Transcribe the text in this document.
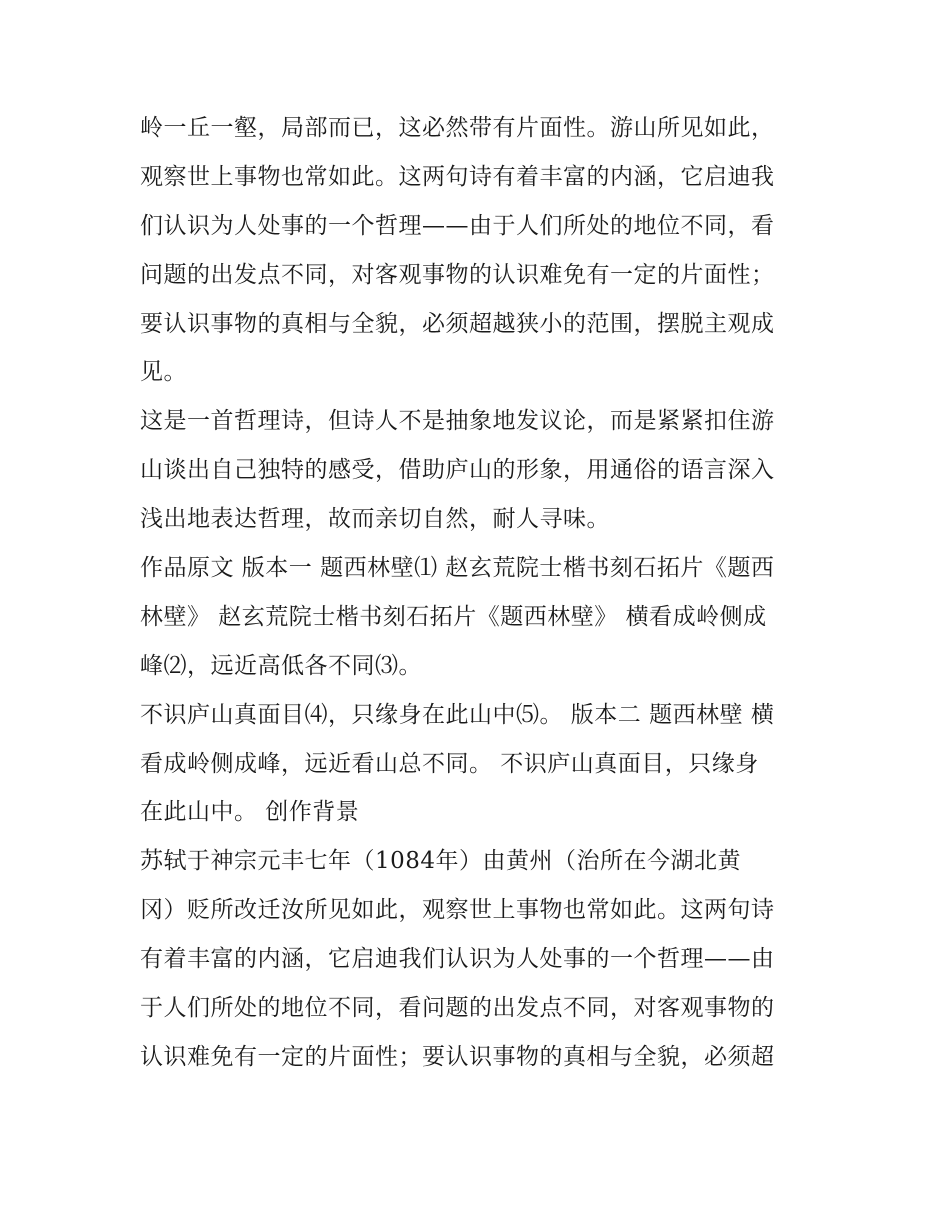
岭一丘一壑，局部而已，这必然带有片面性。游山所见如此，
观察世上事物也常如此。这两句诗有着丰富的内涵，它启迪我
们认识为人处事的一个哲理——由于人们所处的地位不同，看
问题的出发点不同，对客观事物的认识难免有一定的片面性；
要认识事物的真相与全貌，必须超越狭小的范围，摆脱主观成
见。
这是一首哲理诗，但诗人不是抽象地发议论，而是紧紧扣住游
山谈出自己独特的感受，借助庐山的形象，用通俗的语言深入
浅出地表达哲理，故而亲切自然，耐人寻味。
作品原文 版本一 题西林壁⑴ 赵玄荒院士楷书刻石拓片《题西
林壁》 赵玄荒院士楷书刻石拓片《题西林壁》 横看成岭侧成
峰⑵，远近高低各不同⑶。
不识庐山真面目⑷，只缘身在此山中⑸。 版本二 题西林壁 横
看成岭侧成峰，远近看山总不同。 不识庐山真面目，只缘身
在此山中。 创作背景
苏轼于神宗元丰七年（1084年）由黄州（治所在今湖北黄
冈）贬所改迁汝所见如此，观察世上事物也常如此。这两句诗
有着丰富的内涵，它启迪我们认识为人处事的一个哲理——由
于人们所处的地位不同，看问题的出发点不同，对客观事物的
认识难免有一定的片面性；要认识事物的真相与全貌，必须超
